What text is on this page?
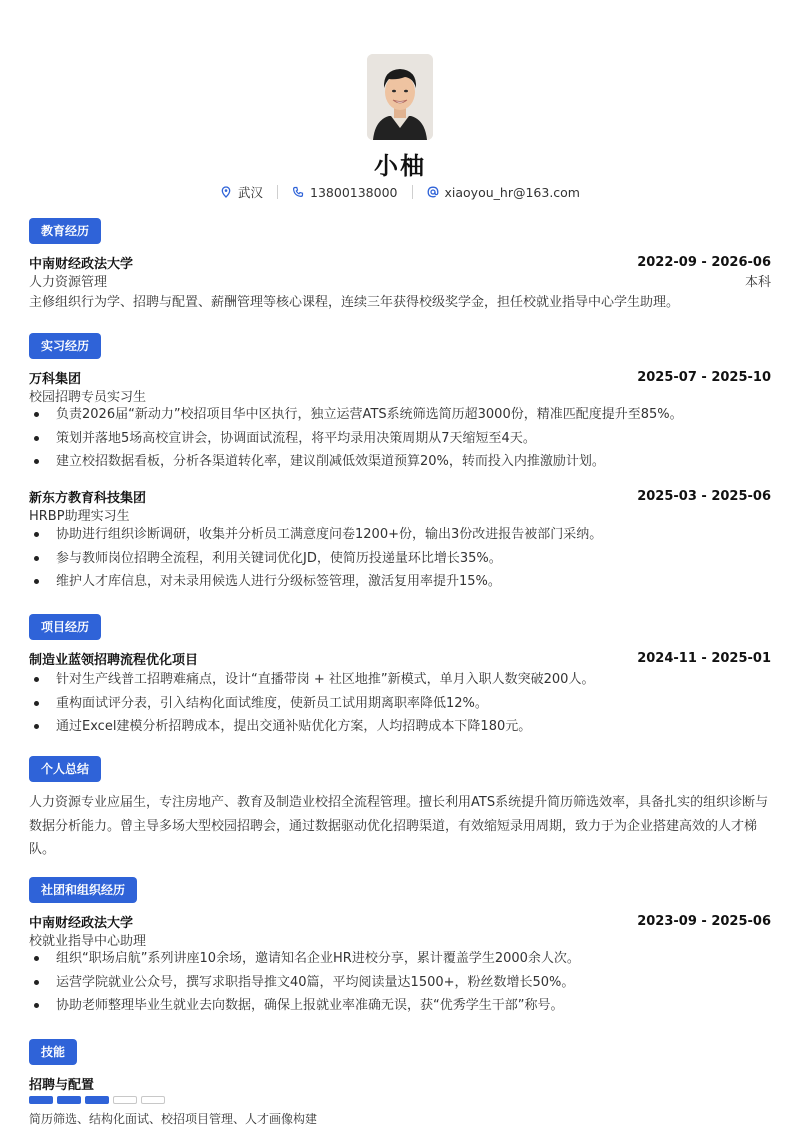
小柚
武汉	13800138000	xiaoyou_hr@163.com
教育经历
中南财经政法大学	2022-09 - 2026-06
人力资源管理	本科
主修组织行为学、招聘与配置、薪酬管理等核心课程，连续三年获得校级奖学金，担任校就业指导中心学生助理。
实习经历
万科集团	2025-07 - 2025-10
校园招聘专员实习生
负责2026届“新动力”校招项目华中区执行，独立运营ATS系统筛选简历超3000份，精准匹配度提升至85%。
策划并落地5场高校宣讲会，协调面试流程，将平均录用决策周期从7天缩短至4天。
建立校招数据看板，分析各渠道转化率，建议削减低效渠道预算20%，转而投入内推激励计划。
新东方教育科技集团	2025-03 - 2025-06
HRBP助理实习生
协助进行组织诊断调研，收集并分析员工满意度问卷1200+份，输出3份改进报告被部门采纳。
参与教师岗位招聘全流程，利用关键词优化JD，使简历投递量环比增长35%。
维护人才库信息，对未录用候选人进行分级标签管理，激活复用率提升15%。
项目经历
制造业蓝领招聘流程优化项目	2024-11 - 2025-01
针对生产线普工招聘难痛点，设计“直播带岗 + 社区地推”新模式，单月入职人数突破200人。
重构面试评分表，引入结构化面试维度，使新员工试用期离职率降低12%。
通过Excel建模分析招聘成本，提出交通补贴优化方案，人均招聘成本下降180元。
个人总结
人力资源专业应届生，专注房地产、教育及制造业校招全流程管理。擅长利用ATS系统提升简历筛选效率，具备扎实的组织诊断与
数据分析能力。曾主导多场大型校园招聘会，通过数据驱动优化招聘渠道，有效缩短录用周期，致力于为企业搭建高效的人才梯
队。
社团和组织经历
中南财经政法大学	2023-09 - 2025-06
校就业指导中心助理
组织“职场启航”系列讲座10余场，邀请知名企业HR进校分享，累计覆盖学生2000余人次。
运营学院就业公众号，撰写求职指导推文40篇，平均阅读量达1500+，粉丝数增长50%。
协助老师整理毕业生就业去向数据，确保上报就业率准确无误，获“优秀学生干部”称号。
技能
招聘与配置
简历筛选、结构化面试、校招项目管理、人才画像构建
